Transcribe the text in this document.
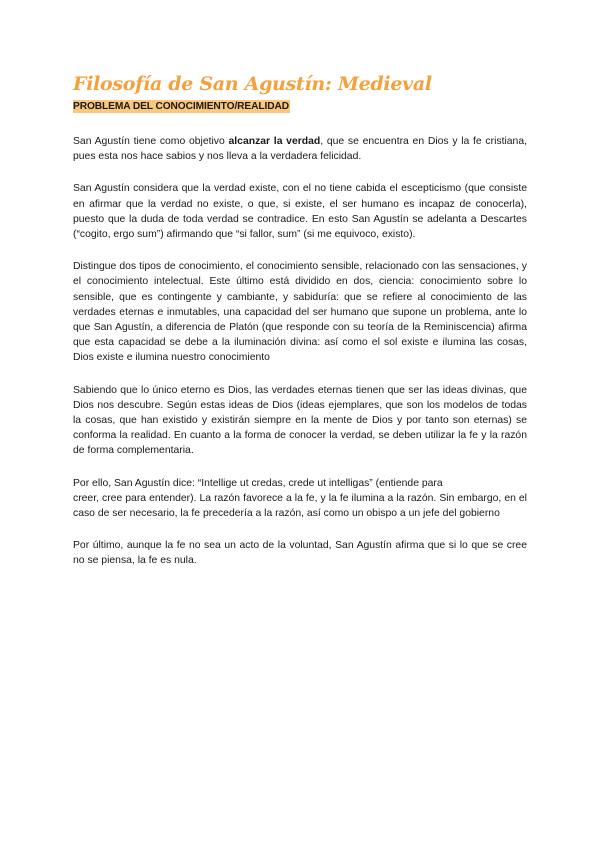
Filosofía de San Agustín: Medieval
PROBLEMA DEL CONOCIMIENTO/REALIDAD

San Agustín tiene como objetivo alcanzar la verdad, que se encuentra en Dios y la fe cristiana, pues esta nos hace sabios y nos lleva a la verdadera felicidad.

San Agustín considera que la verdad existe, con el no tiene cabida el escepticismo (que consiste en afirmar que la verdad no existe, o que, si existe, el ser humano es incapaz de conocerla), puesto que la duda de toda verdad se contradice. En esto San Agustín se adelanta a Descartes (“cogito, ergo sum”) afirmando que “si fallor, sum” (si me equivoco, existo).

Distingue dos tipos de conocimiento, el conocimiento sensible, relacionado con las sensaciones, y el conocimiento intelectual. Este último está dividido en dos, ciencia: conocimiento sobre lo sensible, que es contingente y cambiante, y sabiduría: que se refiere al conocimiento de las verdades eternas e inmutables, una capacidad del ser humano que supone un problema, ante lo que San Agustín, a diferencia de Platón (que responde con su teoría de la Reminiscencia) afirma que esta capacidad se debe a la iluminación divina: así como el sol existe e ilumina las cosas, Dios existe e ilumina nuestro conocimiento

Sabiendo que lo único eterno es Dios, las verdades eternas tienen que ser las ideas divinas, que Dios nos descubre. Según estas ideas de Dios (ideas ejemplares, que son los modelos de todas la cosas, que han existido y existirán siempre en la mente de Dios y por tanto son eternas) se conforma la realidad. En cuanto a la forma de conocer la verdad, se deben utilizar la fe y la razón de forma complementaria.

Por ello, San Agustín dice: “Intellige ut credas, crede ut intelligas” (entiende para
creer, cree para entender). La razón favorece a la fe, y la fe ilumina a la razón. Sin embargo, en el caso de ser necesario, la fe precedería a la razón, así como un obispo a un jefe del gobierno

Por último, aunque la fe no sea un acto de la voluntad, San Agustín afirma que si lo que se cree no se piensa, la fe es nula.
